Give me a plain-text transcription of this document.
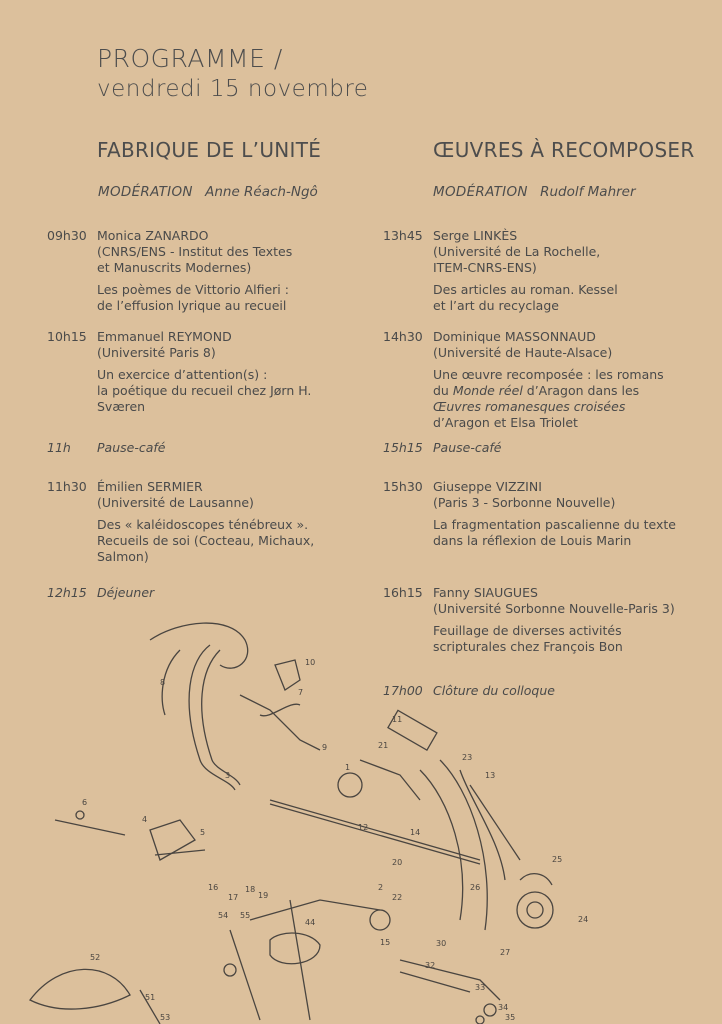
PROGRAMME /
vendredi 15 novembre
FABRIQUE DE L’UNITÉ
MODÉRATION Anne Réach-Ngô
09h30 Monica ZANARDO
(CNRS/ENS - Institut des Textes
et Manuscrits Modernes)
Les poèmes de Vittorio Alfieri :
de l’effusion lyrique au recueil
10h15 Emmanuel REYMOND
(Université Paris 8)
Un exercice d’attention(s) :
la poétique du recueil chez Jørn H.
Sværen
11h	Pause-café
11h30 Émilien SERMIER
(Université de Lausanne)
Des « kaléidoscopes ténébreux ».
Recueils de soi (Cocteau, Michaux,
Salmon)
12h15 Déjeuner
ŒUVRES À RECOMPOSER
MODÉRATION Rudolf Mahrer
13h45 Serge LINKÈS
(Université de La Rochelle,
ITEM-CNRS-ENS)
Des articles au roman. Kessel
et l’art du recyclage
14h30 Dominique MASSONNAUD
(Université de Haute-Alsace)
Une œuvre recomposée : les romans
du Monde réel d’Aragon dans les
Œuvres romanesques croisées
d’Aragon et Elsa Triolet
15h15 Pause-café
15h30 Giuseppe VIZZINI
(Paris 3 - Sorbonne Nouvelle)
La fragmentation pascalienne du texte
dans la réflexion de Louis Marin
16h15 Fanny SIAUGUES
(Université Sorbonne Nouvelle-Paris 3)
Feuillage de diverses activités
scripturales chez François Bon
17h00 Clôture du colloque
8
10
7
3
6
4
5
16
17
18
19
54 55
52
51
53
44
21
11
13
23
15
25
24
26
27
30
32
33
34
35
2
22
12
9
1
14
20
